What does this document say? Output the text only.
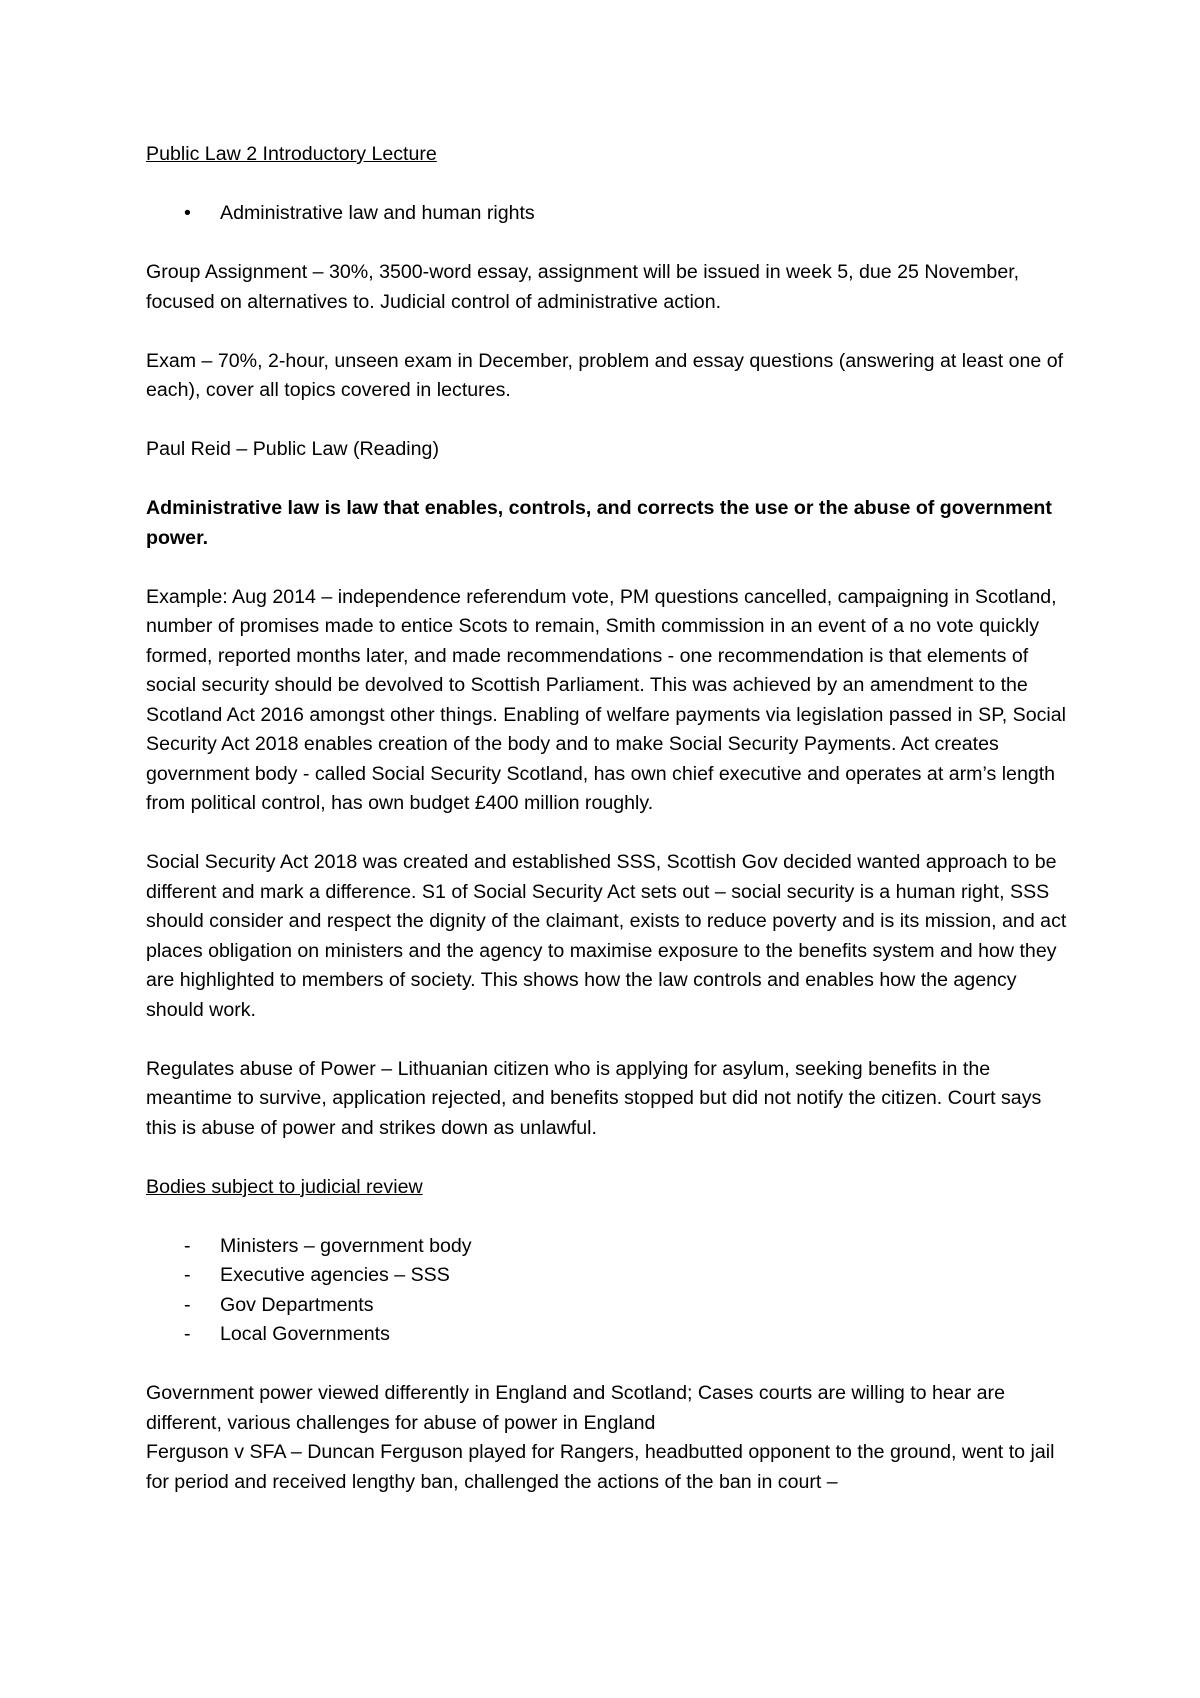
Public Law 2 Introductory Lecture

• Administrative law and human rights

Group Assignment – 30%, 3500-word essay, assignment will be issued in week 5, due 25 November, focused on alternatives to. Judicial control of administrative action.

Exam – 70%, 2-hour, unseen exam in December, problem and essay questions (answering at least one of each), cover all topics covered in lectures.

Paul Reid – Public Law (Reading)

Administrative law is law that enables, controls, and corrects the use or the abuse of government power.

Example: Aug 2014 – independence referendum vote, PM questions cancelled, campaigning in Scotland, number of promises made to entice Scots to remain, Smith commission in an event of a no vote quickly formed, reported months later, and made recommendations - one recommendation is that elements of social security should be devolved to Scottish Parliament. This was achieved by an amendment to the Scotland Act 2016 amongst other things. Enabling of welfare payments via legislation passed in SP, Social Security Act 2018 enables creation of the body and to make Social Security Payments. Act creates government body - called Social Security Scotland, has own chief executive and operates at arm’s length from political control, has own budget £400 million roughly.

Social Security Act 2018 was created and established SSS, Scottish Gov decided wanted approach to be different and mark a difference. S1 of Social Security Act sets out – social security is a human right, SSS should consider and respect the dignity of the claimant, exists to reduce poverty and is its mission, and act places obligation on ministers and the agency to maximise exposure to the benefits system and how they are highlighted to members of society. This shows how the law controls and enables how the agency should work.

Regulates abuse of Power – Lithuanian citizen who is applying for asylum, seeking benefits in the meantime to survive, application rejected, and benefits stopped but did not notify the citizen. Court says this is abuse of power and strikes down as unlawful.

Bodies subject to judicial review

- Ministers – government body
- Executive agencies – SSS
- Gov Departments
- Local Governments

Government power viewed differently in England and Scotland; Cases courts are willing to hear are different, various challenges for abuse of power in England

Ferguson v SFA – Duncan Ferguson played for Rangers, headbutted opponent to the ground, went to jail for period and received lengthy ban, challenged the actions of the ban in court –
